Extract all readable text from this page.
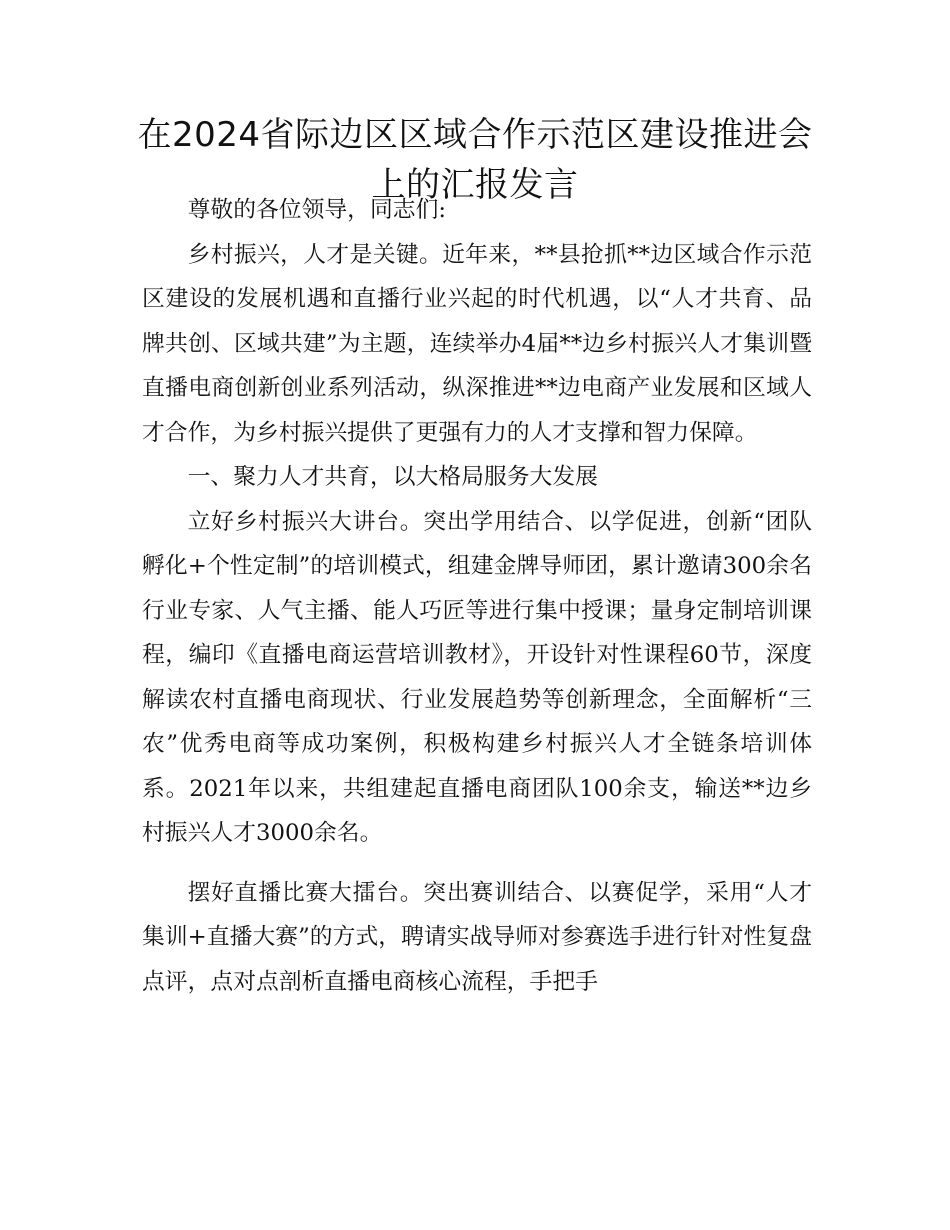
在2024省际边区区域合作示范区建设推进会上的汇报发言

尊敬的各位领导，同志们:

乡村振兴，人才是关键。近年来，**县抢抓**边区域合作示范区建设的发展机遇和直播行业兴起的时代机遇，以“人才共育、品牌共创、区域共建”为主题，连续举办4届**边乡村振兴人才集训暨直播电商创新创业系列活动，纵深推进**边电商产业发展和区域人才合作，为乡村振兴提供了更强有力的人才支撑和智力保障。

一、聚力人才共育，以大格局服务大发展

立好乡村振兴大讲台。突出学用结合、以学促进，创新“团队孵化+个性定制”的培训模式，组建金牌导师团，累计邀请300余名行业专家、人气主播、能人巧匠等进行集中授课；量身定制培训课程，编印《直播电商运营培训教材》，开设针对性课程60节，深度解读农村直播电商现状、行业发展趋势等创新理念，全面解析“三农”优秀电商等成功案例，积极构建乡村振兴人才全链条培训体系。2021年以来，共组建起直播电商团队100余支，输送**边乡村振兴人才3000余名。

摆好直播比赛大擂台。突出赛训结合、以赛促学，采用“人才集训+直播大赛”的方式，聘请实战导师对参赛选手进行针对性复盘点评，点对点剖析直播电商核心流程，手把手
